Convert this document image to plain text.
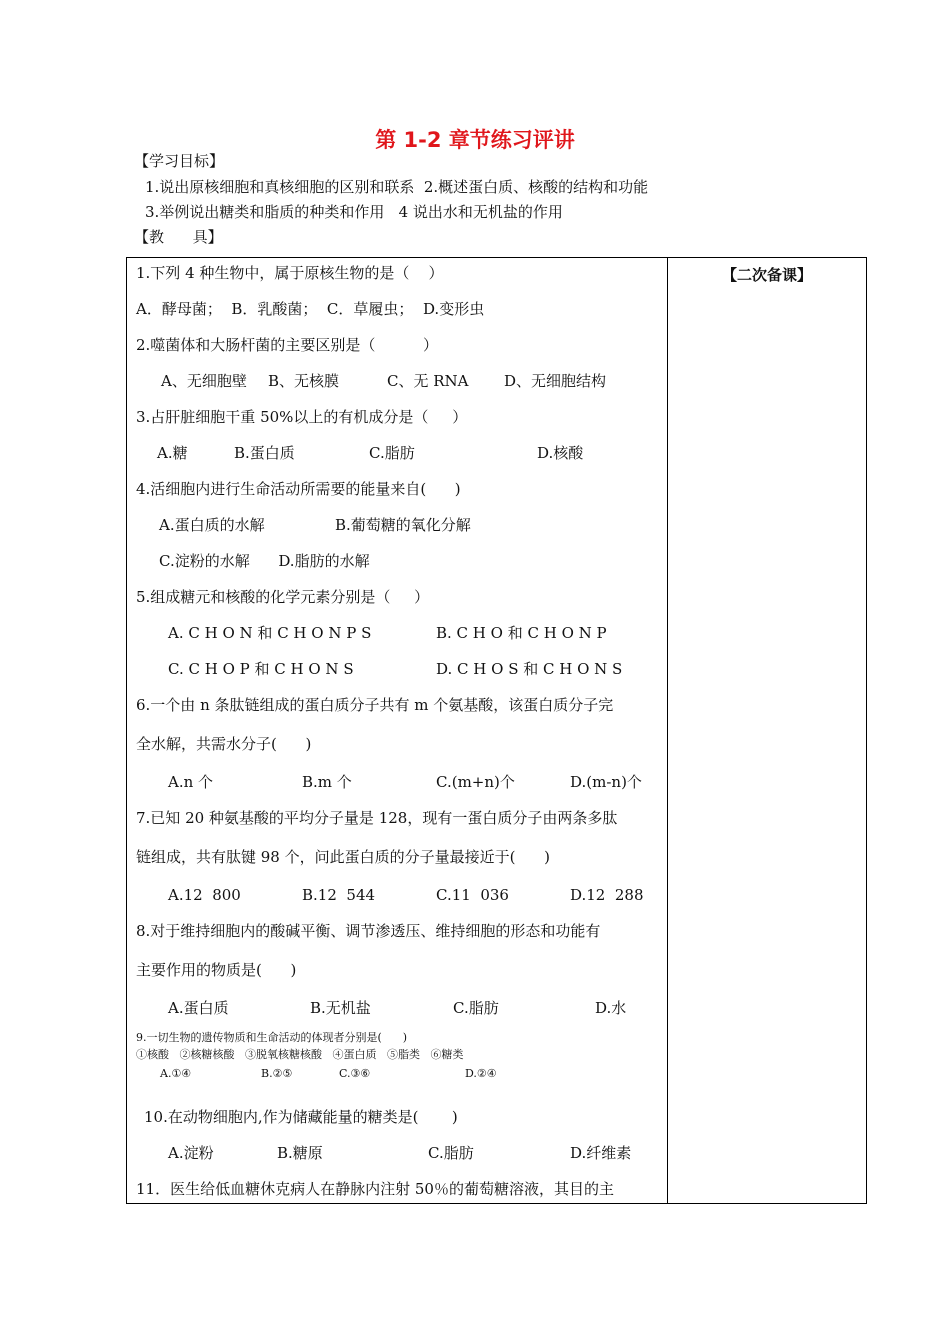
第 1-2 章节练习评讲
【学习目标】
1.说出原核细胞和真核细胞的区别和联系  2.概述蛋白质、核酸的结构和功能
3.举例说出糖类和脂质的种类和作用   4 说出水和无机盐的作用
【教      具】
1.下列 4 种生物中，属于原核生物的是（    ）
A．酵母菌；  B．乳酸菌；  C．草履虫；  D.变形虫
2.噬菌体和大肠杆菌的主要区别是（          ）
A、无细胞壁 B、无核膜	C、无 RNA D、无细胞结构
3.占肝脏细胞干重 50%以上的有机成分是（     ）
A.糖	B.蛋白质	C.脂肪	D.核酸
4.活细胞内进行生命活动所需要的能量来自(      )
A.蛋白质的水解	B.葡萄糖的氧化分解
C.淀粉的水解      D.脂肪的水解
5.组成糖元和核酸的化学元素分别是（     ）
A. C H O N 和 C H O N P S	B. C H O 和 C H O N P
C. C H O P 和 C H O N S	D. C H O S 和 C H O N S
6.一个由 n 条肽链组成的蛋白质分子共有 m 个氨基酸，该蛋白质分子完
全水解，共需水分子(      )
A.n 个	B.m 个	C.(m+n)个	D.(m-n)个
7.已知 20 种氨基酸的平均分子量是 128，现有一蛋白质分子由两条多肽
链组成，共有肽键 98 个，问此蛋白质的分子量最接近于(      )
A.12  800	B.12  544	C.11  036	D.12  288
8.对于维持细胞内的酸碱平衡、调节渗透压、维持细胞的形态和功能有
主要作用的物质是(      )
A.蛋白质	B.无机盐	C.脂肪	D.水
9.一切生物的遗传物质和生命活动的体现者分别是(      )
①核酸   ②核糖核酸   ③脱氧核糖核酸   ④蛋白质   ⑤脂类   ⑥糖类
A.①④	B.②⑤	C.③⑥	D.②④
10.在动物细胞内,作为储藏能量的糖类是(       )
A.淀粉	B.糖原	C.脂肪	D.纤维素
11．医生给低血糖休克病人在静脉内注射 50％的葡萄糖溶液，其目的主

【二次备课】
